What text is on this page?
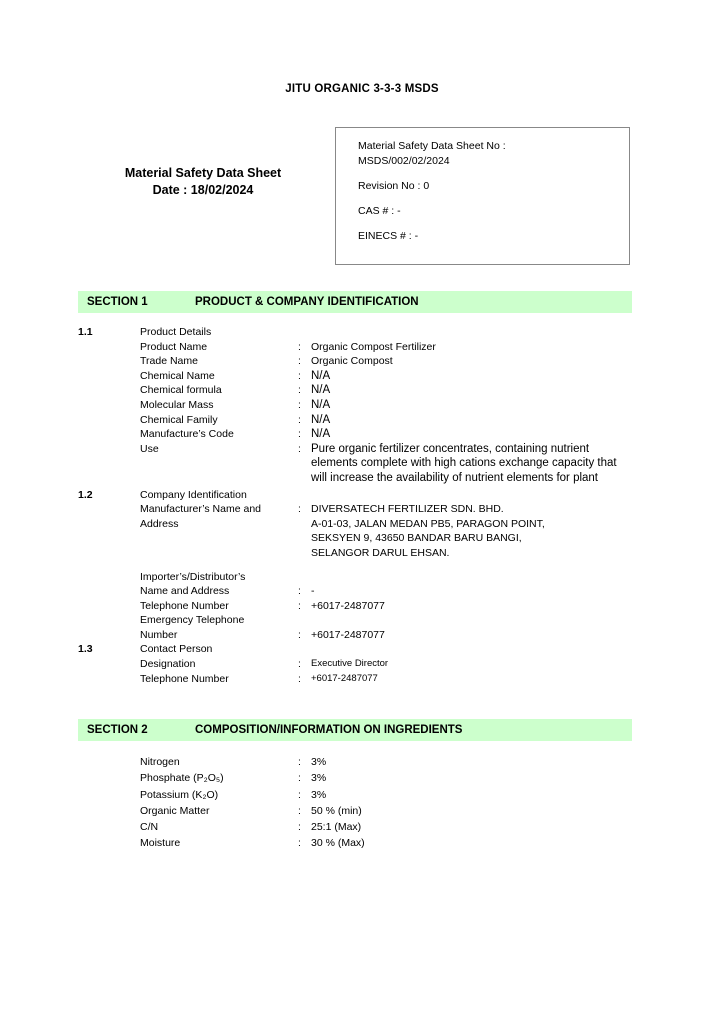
JITU ORGANIC 3-3-3 MSDS
Material Safety Data Sheet
Date : 18/02/2024
Material Safety Data Sheet No :
MSDS/002/02/2024
Revision No : 0
CAS # : -
EINECS # : -
SECTION 1	PRODUCT & COMPANY IDENTIFICATION
1.1	Product Details
Product Name	: Organic Compost Fertilizer
Trade Name	: Organic Compost
Chemical Name	: N/A
Chemical formula	: N/A
Molecular Mass	: N/A
Chemical Family	: N/A
Manufacture’s Code	: N/A
Use	: Pure organic fertilizer concentrates, containing nutrient elements complete with high cations exchange capacity that will increase the availability of nutrient elements for plant
1.2	Company Identification
Manufacturer’s Name and
Address
: DIVERSATECH FERTILIZER SDN. BHD.
A-01-03, JALAN MEDAN PB5, PARAGON POINT,
SEKSYEN 9, 43650 BANDAR BARU BANGI,
SELANGOR DARUL EHSAN.
Importer’s/Distributor’s
Name and Address	: -
Telephone Number	: +6017-2487077
Emergency Telephone
Number	: +6017-2487077
1.3	Contact Person
Designation	:	Executive Director
Telephone Number	:	+6017-2487077
SECTION 2	COMPOSITION/INFORMATION ON INGREDIENTS
Nitrogen	: 3%
Phosphate (P₂O₅)	: 3%
Potassium (K₂O)	: 3%
Organic Matter	: 50 % (min)
C/N	: 25:1 (Max)
Moisture	: 30 % (Max)
